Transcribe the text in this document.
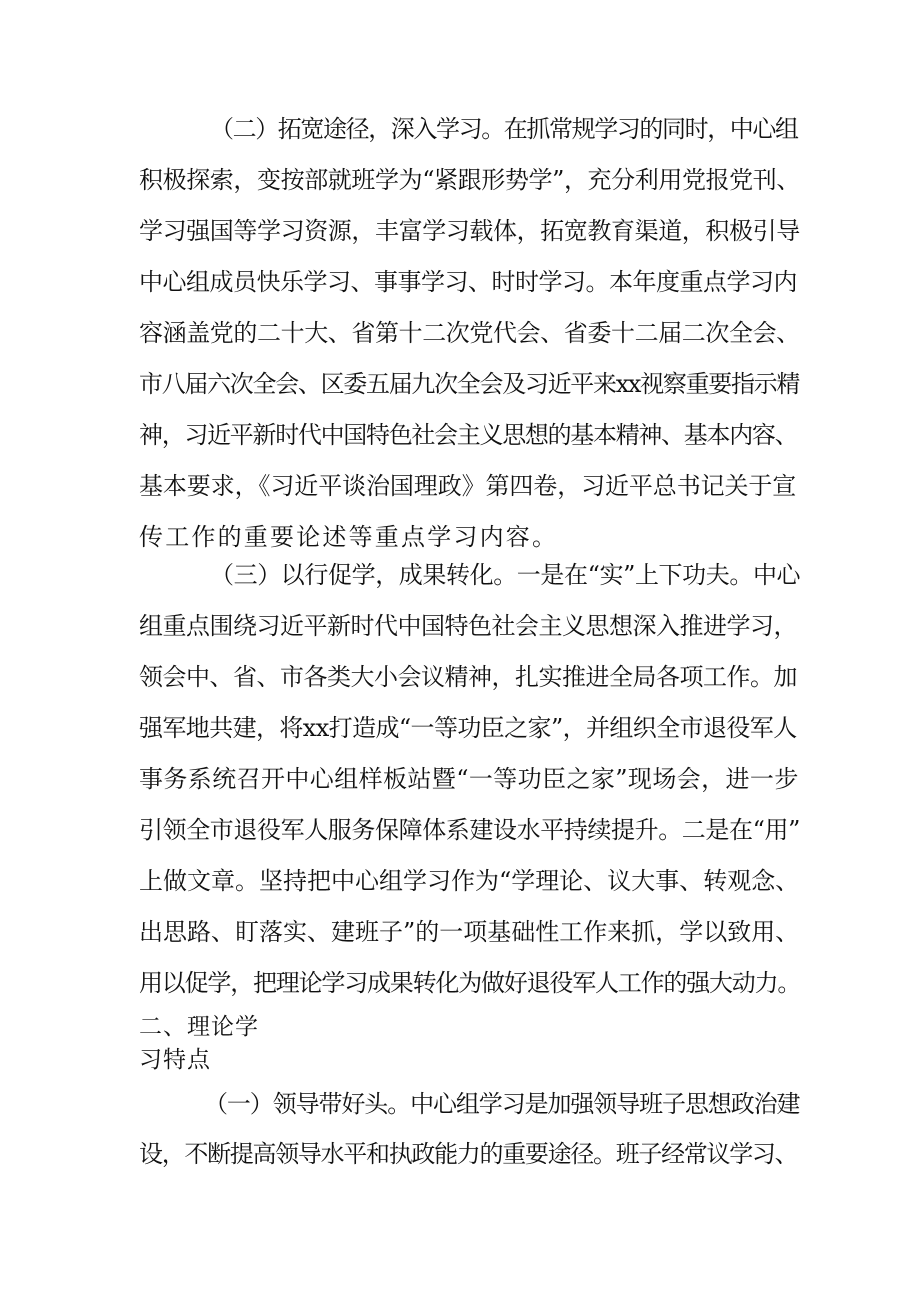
（二）拓宽途径，深入学习。在抓常规学习的同时，中心组
积极探索，变按部就班学为“紧跟形势学”，充分利用党报党刊、
学习强国等学习资源，丰富学习载体，拓宽教育渠道，积极引导
中心组成员快乐学习、事事学习、时时学习。本年度重点学习内
容涵盖党的二十大、省第十二次党代会、省委十二届二次全会、
市八届六次全会、区委五届九次全会及习近平来xx视察重要指示精
神，习近平新时代中国特色社会主义思想的基本精神、基本内容、
基本要求，《习近平谈治国理政》第四卷，习近平总书记关于宣
传工作的重要论述等重点学习内容。
（三）以行促学，成果转化。一是在“实”上下功夫。中心
组重点围绕习近平新时代中国特色社会主义思想深入推进学习，
领会中、省、市各类大小会议精神，扎实推进全局各项工作。加
强军地共建，将xx打造成“一等功臣之家”，并组织全市退役军人
事务系统召开中心组样板站暨“一等功臣之家”现场会，进一步
引领全市退役军人服务保障体系建设水平持续提升。二是在“用”
上做文章。坚持把中心组学习作为“学理论、议大事、转观念、
出思路、盯落实、建班子”的一项基础性工作来抓，学以致用、
用以促学，把理论学习成果转化为做好退役军人工作的强大动力。
二、理论学
习特点
（一）领导带好头。中心组学习是加强领导班子思想政治建
设，不断提高领导水平和执政能力的重要途径。班子经常议学习、
